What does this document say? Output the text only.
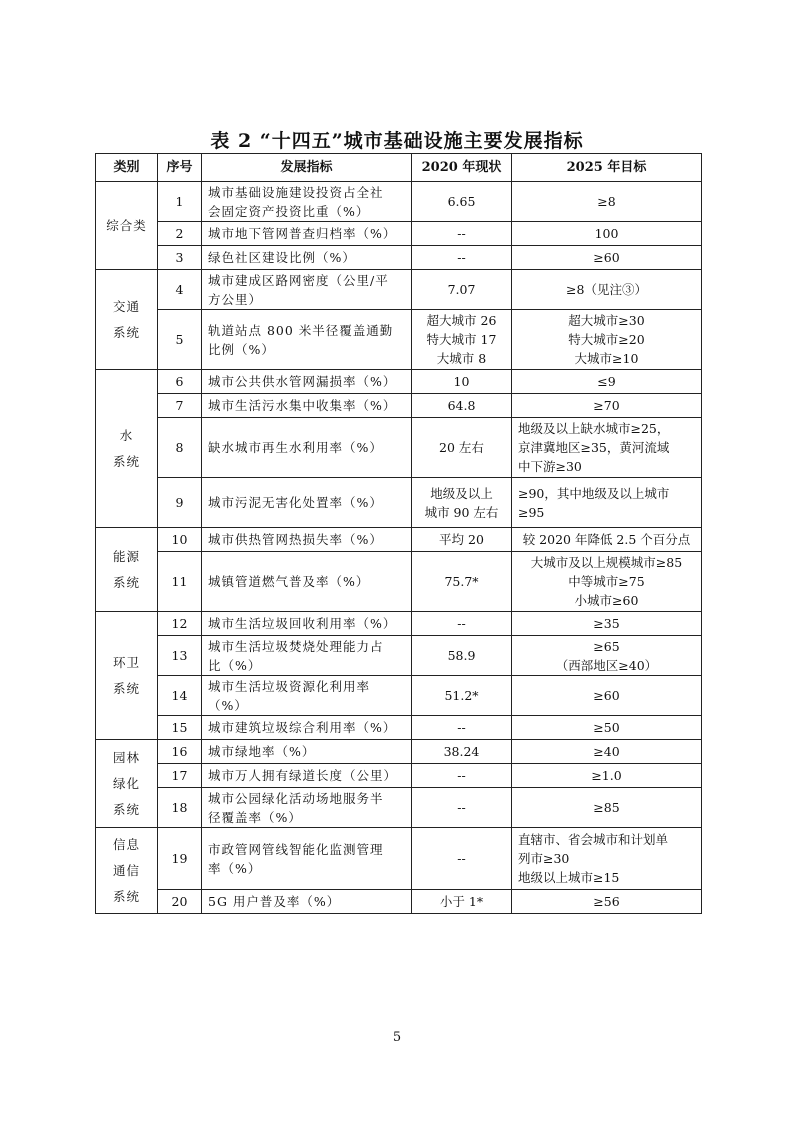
表 2 “十四五”城市基础设施主要发展指标
类别	序号	发展指标	2020 年现状	2025 年目标

综合类	1	城市基础设施建设投资占全社
会固定资产投资比重（%）	6.65	≥8

	2	城市地下管网普查归档率（%）	--	100

	3	绿色社区建设比例（%）	--	≥60

交通
系统	4	城市建成区路网密度（公里/平
方公里）	7.07	≥8（见注③）

	5	轨道站点 800 米半径覆盖通勤
比例（%）	超大城市 26
特大城市 17
大城市 8	超大城市≥30
特大城市≥20
大城市≥10

水
系统	6	城市公共供水管网漏损率（%）	10	≤9

	7	城市生活污水集中收集率（%）	64.8	≥70

	8	缺水城市再生水利用率（%）	20 左右	地级及以上缺水城市≥25，
京津冀地区≥35，黄河流域
中下游≥30

	9	城市污泥无害化处置率（%）	地级及以上
城市 90 左右	≥90，其中地级及以上城市
≥95

能源
系统	10	城市供热管网热损失率（%）	平均 20	较 2020 年降低 2.5 个百分点

	11	城镇管道燃气普及率（%）	75.7*	大城市及以上规模城市≥85
中等城市≥75
小城市≥60

环卫
系统	12	城市生活垃圾回收利用率（%）	--	≥35

	13	城市生活垃圾焚烧处理能力占
比（%）	58.9	≥65
（西部地区≥40）

	14	城市生活垃圾资源化利用率
（%）	51.2*	≥60

	15	城市建筑垃圾综合利用率（%）	--	≥50

园林
绿化
系统	16	城市绿地率（%）	38.24	≥40

	17	城市万人拥有绿道长度（公里）	--	≥1.0

	18	城市公园绿化活动场地服务半
径覆盖率（%）	--	≥85

信息
通信
系统	19	市政管网管线智能化监测管理
率（%）	--	直辖市、省会城市和计划单
列市≥30
地级以上城市≥15

	20	5G 用户普及率（%）	小于 1*	≥56
5
